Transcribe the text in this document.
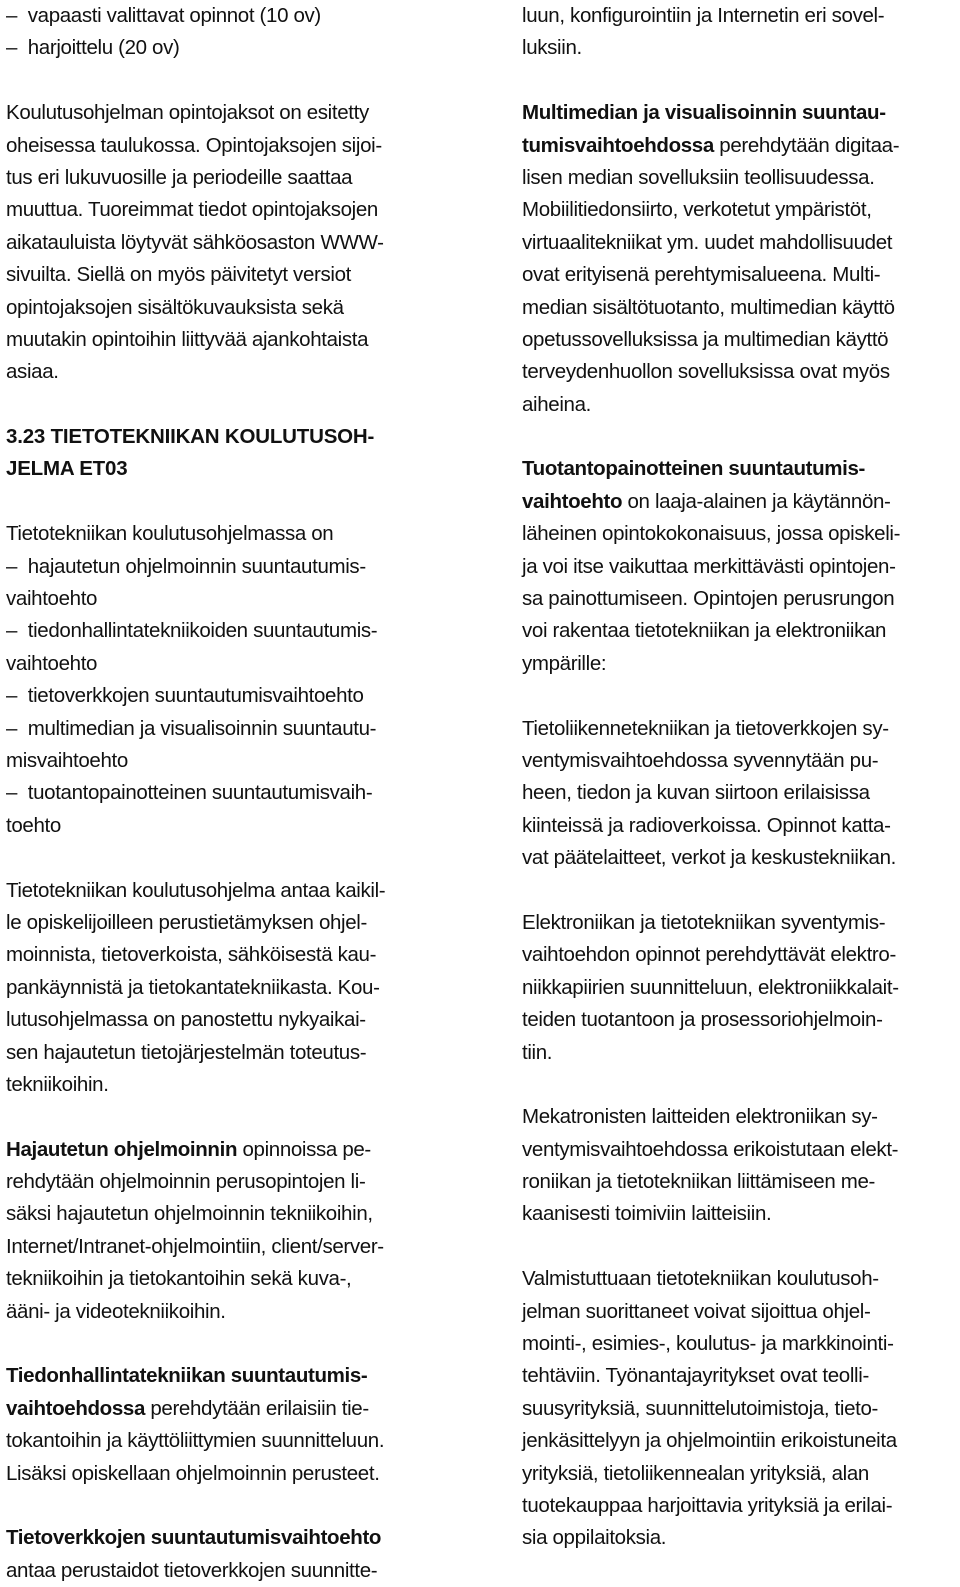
–  vapaasti valittavat opinnot (10 ov)
–  harjoittelu (20 ov)
Koulutusohjelman opintojaksot on esitetty
oheisessa taulukossa. Opintojaksojen sijoi-
tus eri lukuvuosille ja periodeille saattaa
muuttua. Tuoreimmat tiedot opintojaksojen
aikatauluista löytyvät sähköosaston WWW-
sivuilta. Siellä on myös päivitetyt versiot
opintojaksojen sisältökuvauksista sekä
muutakin opintoihin liittyvää ajankohtaista
asiaa.
3.23 TIETOTEKNIIKAN KOULUTUSOH-
JELMA ET03
Tietotekniikan koulutusohjelmassa on
–  hajautetun ohjelmoinnin suuntautumis-
vaihtoehto
–  tiedonhallintatekniikoiden suuntautumis-
vaihtoehto
–  tietoverkkojen suuntautumisvaihtoehto
–  multimedian ja visualisoinnin suuntautu-
misvaihtoehto
–  tuotantopainotteinen suuntautumisvaih-
toehto
Tietotekniikan koulutusohjelma antaa kaikil-
le opiskelijoilleen perustietämyksen ohjel-
moinnista, tietoverkoista, sähköisestä kau-
pankäynnistä ja tietokantatekniikasta. Kou-
lutusohjelmassa on panostettu nykyaikai-
sen hajautetun tietojärjestelmän toteutus-
tekniikoihin.
Hajautetun ohjelmoinnin opinnoissa pe-
rehdytään ohjelmoinnin perusopintojen li-
säksi hajautetun ohjelmoinnin tekniikoihin,
Internet/Intranet-ohjelmointiin, client/server-
tekniikoihin ja tietokantoihin sekä kuva-,
ääni- ja videotekniikoihin.
Tiedonhallintatekniikan suuntautumis-
vaihtoehdossa perehdytään erilaisiin tie-
tokantoihin ja käyttöliittymien suunnitteluun.
Lisäksi opiskellaan ohjelmoinnin perusteet.
Tietoverkkojen suuntautumisvaihtoehto
antaa perustaidot tietoverkkojen suunnitte-
luun, konfigurointiin ja Internetin eri sovel-
luksiin.
Multimedian ja visualisoinnin suuntau-
tumisvaihtoehdossa perehdytään digitaa-
lisen median sovelluksiin teollisuudessa.
Mobiilitiedonsiirto, verkotetut ympäristöt,
virtuaalitekniikat ym. uudet mahdollisuudet
ovat erityisenä perehtymisalueena. Multi-
median sisältötuotanto, multimedian käyttö
opetussovelluksissa ja multimedian käyttö
terveydenhuollon sovelluksissa ovat myös
aiheina.
Tuotantopainotteinen suuntautumis-
vaihtoehto on laaja-alainen ja käytännön-
läheinen opintokokonaisuus, jossa opiskeli-
ja voi itse vaikuttaa merkittävästi opintojen-
sa painottumiseen. Opintojen perusrungon
voi rakentaa tietotekniikan ja elektroniikan
ympärille:
Tietoliikennetekniikan ja tietoverkkojen sy-
ventymisvaihtoehdossa syvennytään pu-
heen, tiedon ja kuvan siirtoon erilaisissa
kiinteissä ja radioverkoissa. Opinnot katta-
vat päätelaitteet, verkot ja keskustekniikan.
Elektroniikan ja tietotekniikan syventymis-
vaihtoehdon opinnot perehdyttävät elektro-
niikkapiirien suunnitteluun, elektroniikkalait-
teiden tuotantoon ja prosessoriohjelmoin-
tiin.
Mekatronisten laitteiden elektroniikan sy-
ventymisvaihtoehdossa erikoistutaan elekt-
roniikan ja tietotekniikan liittämiseen me-
kaanisesti toimiviin laitteisiin.
Valmistuttuaan tietotekniikan koulutusoh-
jelman suorittaneet voivat sijoittua ohjel-
mointi-, esimies-, koulutus- ja markkinointi-
tehtäviin. Työnantajayritykset ovat teolli-
suusyrityksiä, suunnittelutoimistoja, tieto-
jenkäsittelyyn ja ohjelmointiin erikoistuneita
yrityksiä, tietoliikennealan yrityksiä, alan
tuotekauppaa harjoittavia yrityksiä ja erilai-
sia oppilaitoksia.
